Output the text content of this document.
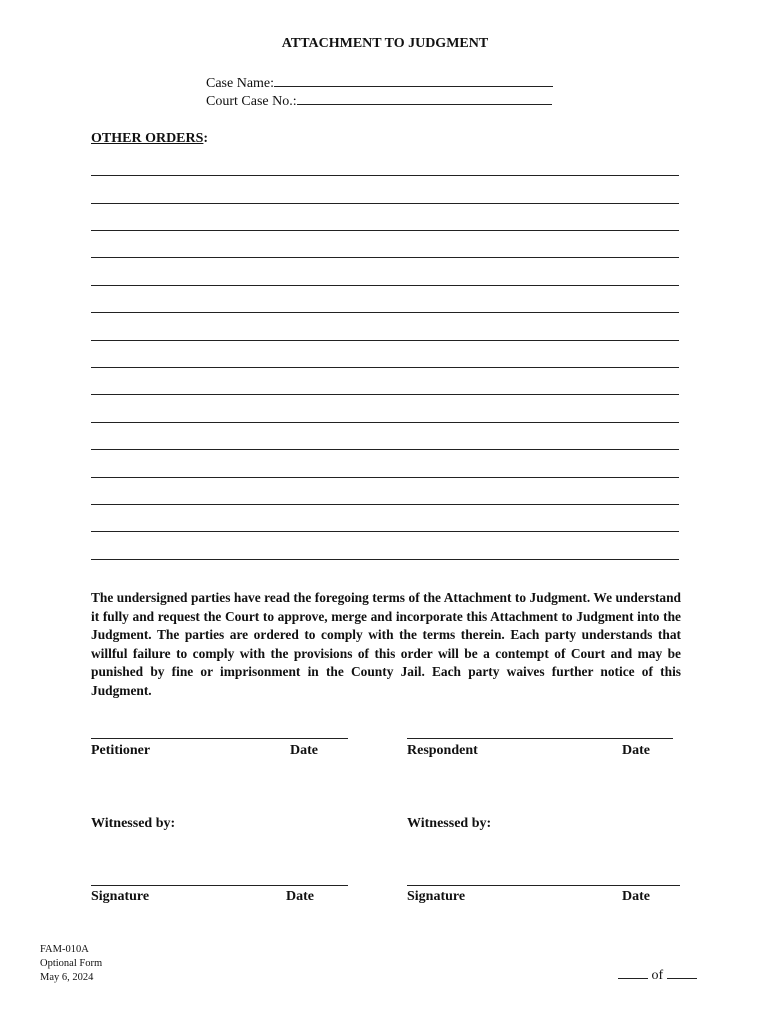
ATTACHMENT TO JUDGMENT
Case Name:
Court Case No.:
OTHER ORDERS:
The undersigned parties have read the foregoing terms of the Attachment to Judgment. We understand it fully and request the Court to approve, merge and incorporate this Attachment to Judgment into the Judgment. The parties are ordered to comply with the terms therein. Each party understands that willful failure to comply with the provisions of this order will be a contempt of Court and may be punished by fine or imprisonment in the County Jail. Each party waives further notice of this Judgment.
Petitioner	Date	Respondent	Date
Witnessed by:	Witnessed by:
Signature	Date	Signature	Date
FAM-010A
Optional Form
May 6, 2024	of
